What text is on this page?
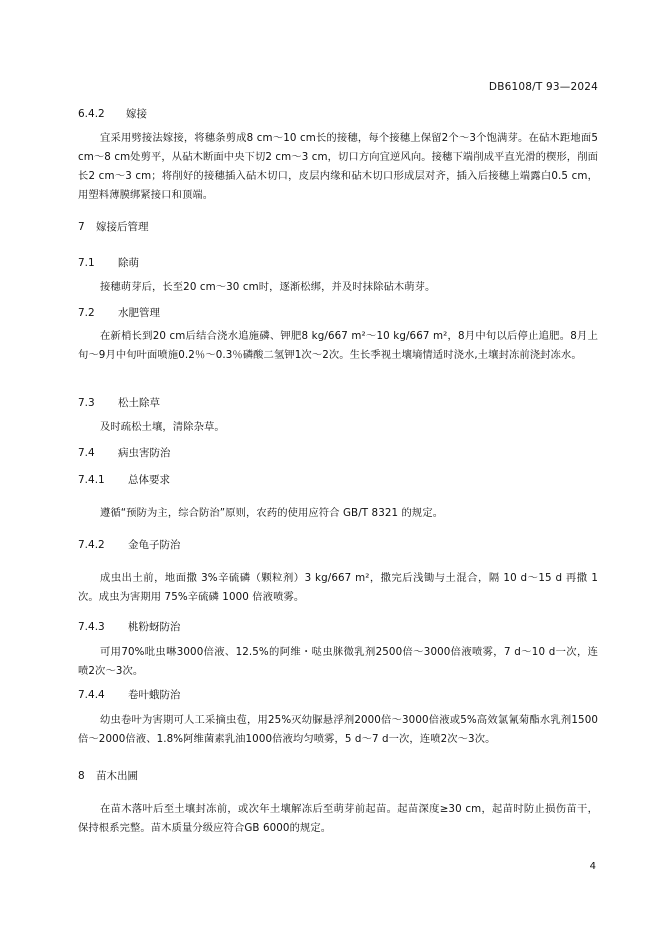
DB6108/T 93—2024
6.4.2 嫁接
宜采用劈接法嫁接，将穗条剪成8 cm～10 cm长的接穗，每个接穗上保留2个～3个饱满芽。在砧木距地面5 cm～8 cm处剪平，从砧木断面中央下切2 cm～3 cm，切口方向宜逆风向。接穗下端削成平直光滑的楔形，削面长2 cm～3 cm；将削好的接穗插入砧木切口，皮层内缘和砧木切口形成层对齐，插入后接穗上端露白0.5 cm，用塑料薄膜绑紧接口和顶端。
7 嫁接后管理
7.1 除萌
接穗萌芽后，长至20 cm～30 cm时，逐渐松绑，并及时抹除砧木萌芽。
7.2 水肥管理
在新梢长到20 cm后结合浇水追施磷、钾肥8 kg/667 m²～10 kg/667 m²，8月中旬以后停止追肥。8月上旬～9月中旬叶面喷施0.2％～0.3％磷酸二氢钾1次～2次。生长季视土壤墒情适时浇水,土壤封冻前浇封冻水。
7.3 松土除草
及时疏松土壤，清除杂草。
7.4 病虫害防治
7.4.1 总体要求
遵循“预防为主，综合防治”原则，农药的使用应符合 GB/T 8321 的规定。
7.4.2 金龟子防治
成虫出土前，地面撒 3%辛硫磷（颗粒剂）3 kg/667 m²，撒完后浅锄与土混合，隔 10 d～15 d 再撒 1 次。成虫为害期用 75%辛硫磷 1000 倍液喷雾。
7.4.3 桃粉蚜防治
可用70%吡虫啉3000倍液、12.5%的阿维・哒虫脒微乳剂2500倍～3000倍液喷雾，7 d～10 d一次，连喷2次～3次。
7.4.4 卷叶蛾防治
幼虫卷叶为害期可人工采摘虫苞，用25%灭幼脲悬浮剂2000倍～3000倍液或5%高效氯氰菊酯水乳剂1500倍～2000倍液、1.8%阿维菌素乳油1000倍液均匀喷雾，5 d～7 d一次，连喷2次～3次。
8 苗木出圃
在苗木落叶后至土壤封冻前，或次年土壤解冻后至萌芽前起苗。起苗深度≥30 cm，起苗时防止损伤苗干，保持根系完整。苗木质量分级应符合GB 6000的规定。
4
